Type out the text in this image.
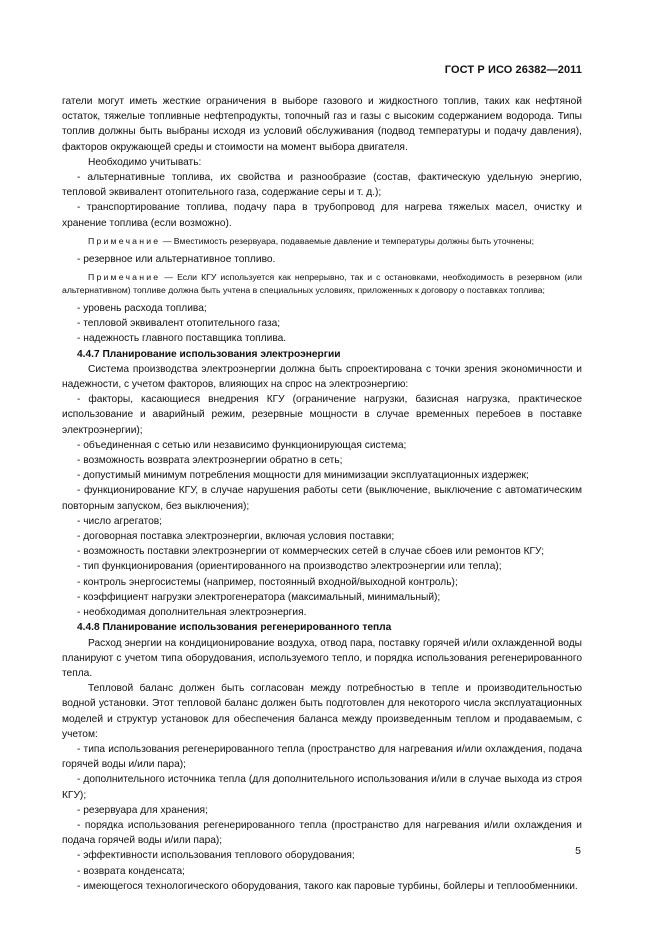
ГОСТ Р ИСО 26382—2011

гатели могут иметь жесткие ограничения в выборе газового и жидкостного топлив, таких как нефтяной остаток, тяжелые топливные нефтепродукты, топочный газ и газы с высоким содержанием водорода. Типы топлив должны быть выбраны исходя из условий обслуживания (подвод температуры и подачу давления), факторов окружающей среды и стоимости на момент выбора двигателя.

Необходимо учитывать:

- альтернативные топлива, их свойства и разнообразие (состав, фактическую удельную энергию, тепловой эквивалент отопительного газа, содержание серы и т. д.);

- транспортирование топлива, подачу пара в трубопровод для нагрева тяжелых масел, очистку и хранение топлива (если возможно).

Примечание — Вместимость резервуара, подаваемые давление и температуры должны быть уточнены;

- резервное или альтернативное топливо.

Примечание — Если КГУ используется как непрерывно, так и с остановками, необходимость в резервном (или альтернативном) топливе должна быть учтена в специальных условиях, приложенных к договору о поставках топлива;

- уровень расхода топлива;

- тепловой эквивалент отопительного газа;

- надежность главного поставщика топлива.

4.4.7 Планирование использования электроэнергии

Система производства электроэнергии должна быть спроектирована с точки зрения экономичности и надежности, с учетом факторов, влияющих на спрос на электроэнергию:

- факторы, касающиеся внедрения КГУ (ограничение нагрузки, базисная нагрузка, практическое использование и аварийный режим, резервные мощности в случае временных перебоев в поставке электроэнергии);

- объединенная с сетью или независимо функционирующая система;

- возможность возврата электроэнергии обратно в сеть;

- допустимый минимум потребления мощности для минимизации эксплуатационных издержек;

- функционирование КГУ, в случае нарушения работы сети (выключение, выключение с автоматическим повторным запуском, без выключения);

- число агрегатов;

- договорная поставка электроэнергии, включая условия поставки;

- возможность поставки электроэнергии от коммерческих сетей в случае сбоев или ремонтов КГУ;

- тип функционирования (ориентированного на производство электроэнергии или тепла);

- контроль энергосистемы (например, постоянный входной/выходной контроль);

- коэффициент нагрузки электрогенератора (максимальный, минимальный);

- необходимая дополнительная электроэнергия.

4.4.8 Планирование использования регенерированного тепла

Расход энергии на кондиционирование воздуха, отвод пара, поставку горячей и/или охлажденной воды планируют с учетом типа оборудования, используемого тепло, и порядка использования регенерированного тепла.

Тепловой баланс должен быть согласован между потребностью в тепле и производительностью водной установки. Этот тепловой баланс должен быть подготовлен для некоторого числа эксплуатационных моделей и структур установок для обеспечения баланса между произведенным теплом и продаваемым, с учетом:

- типа использования регенерированного тепла (пространство для нагревания и/или охлаждения, подача горячей воды и/или пара);

- дополнительного источника тепла (для дополнительного использования и/или в случае выхода из строя КГУ);

- резервуара для хранения;

- порядка использования регенерированного тепла (пространство для нагревания и/или охлаждения и подача горячей воды и/или пара);

- эффективности использования теплового оборудования;

- возврата конденсата;

- имеющегося технологического оборудования, такого как паровые турбины, бойлеры и теплообменники.

5
